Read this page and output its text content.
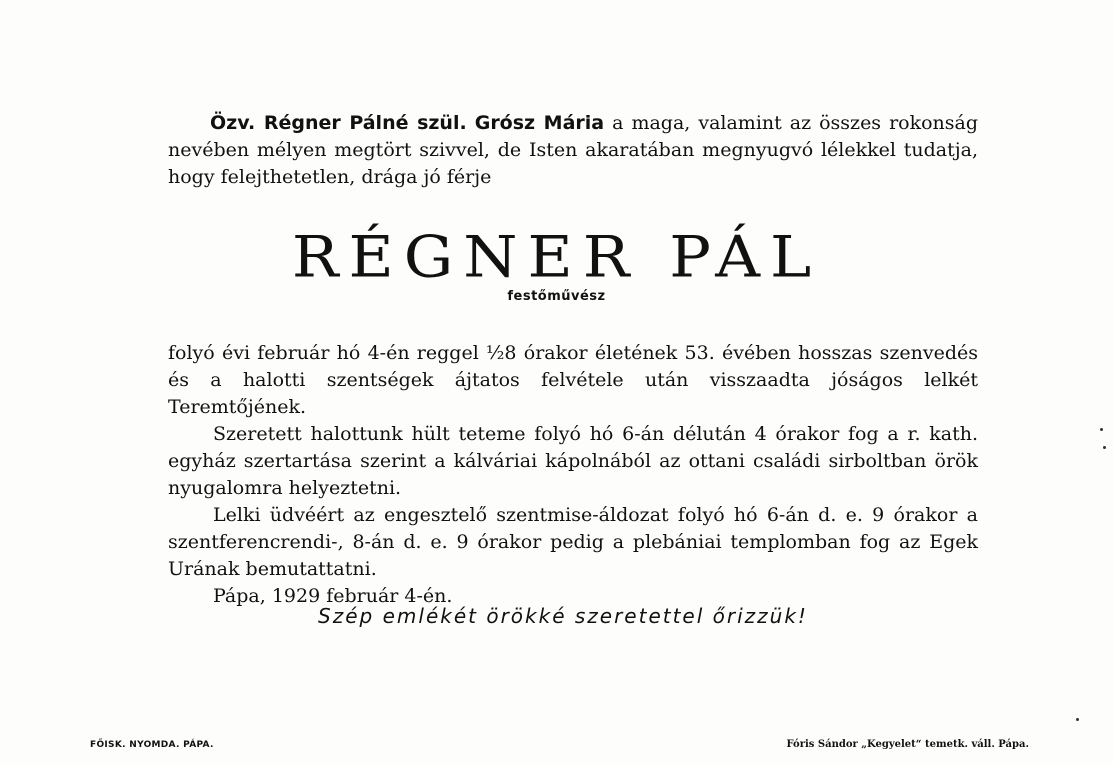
Özv. Régner Pálné szül. Grósz Mária a maga, valamint az összes rokonság nevében mélyen megtört szivvel, de Isten akaratában megnyugvó lélekkel tudatja, hogy felejthetetlen, drága jó férje
RÉGNER PÁL
festőművész

folyó évi február hó 4-én reggel ½8 órakor életének 53. évében hosszas szenvedés és a halotti szentségek ájtatos felvétele után visszaadta jóságos lelkét Teremtőjének.

Szeretett halottunk hült teteme folyó hó 6-án délután 4 órakor fog a r. kath. egyház szertartása szerint a kálváriai kápolnából az ottani családi sirboltban örök nyugalomra helyeztetni.

Lelki üdvéért az engesztelő szentmise-áldozat folyó hó 6-án d. e. 9 órakor a szentferencrendi-, 8-án d. e. 9 órakor pedig a plebániai templomban fog az Egek Urának bemutattatni.

Pápa, 1929 február 4-én.

Szép emlékét örökké szeretettel őrizzük!
FŐISK. NYOMDA. PÁPA.	Fóris Sándor „Kegyelet“ temetk. váll. Pápa.
